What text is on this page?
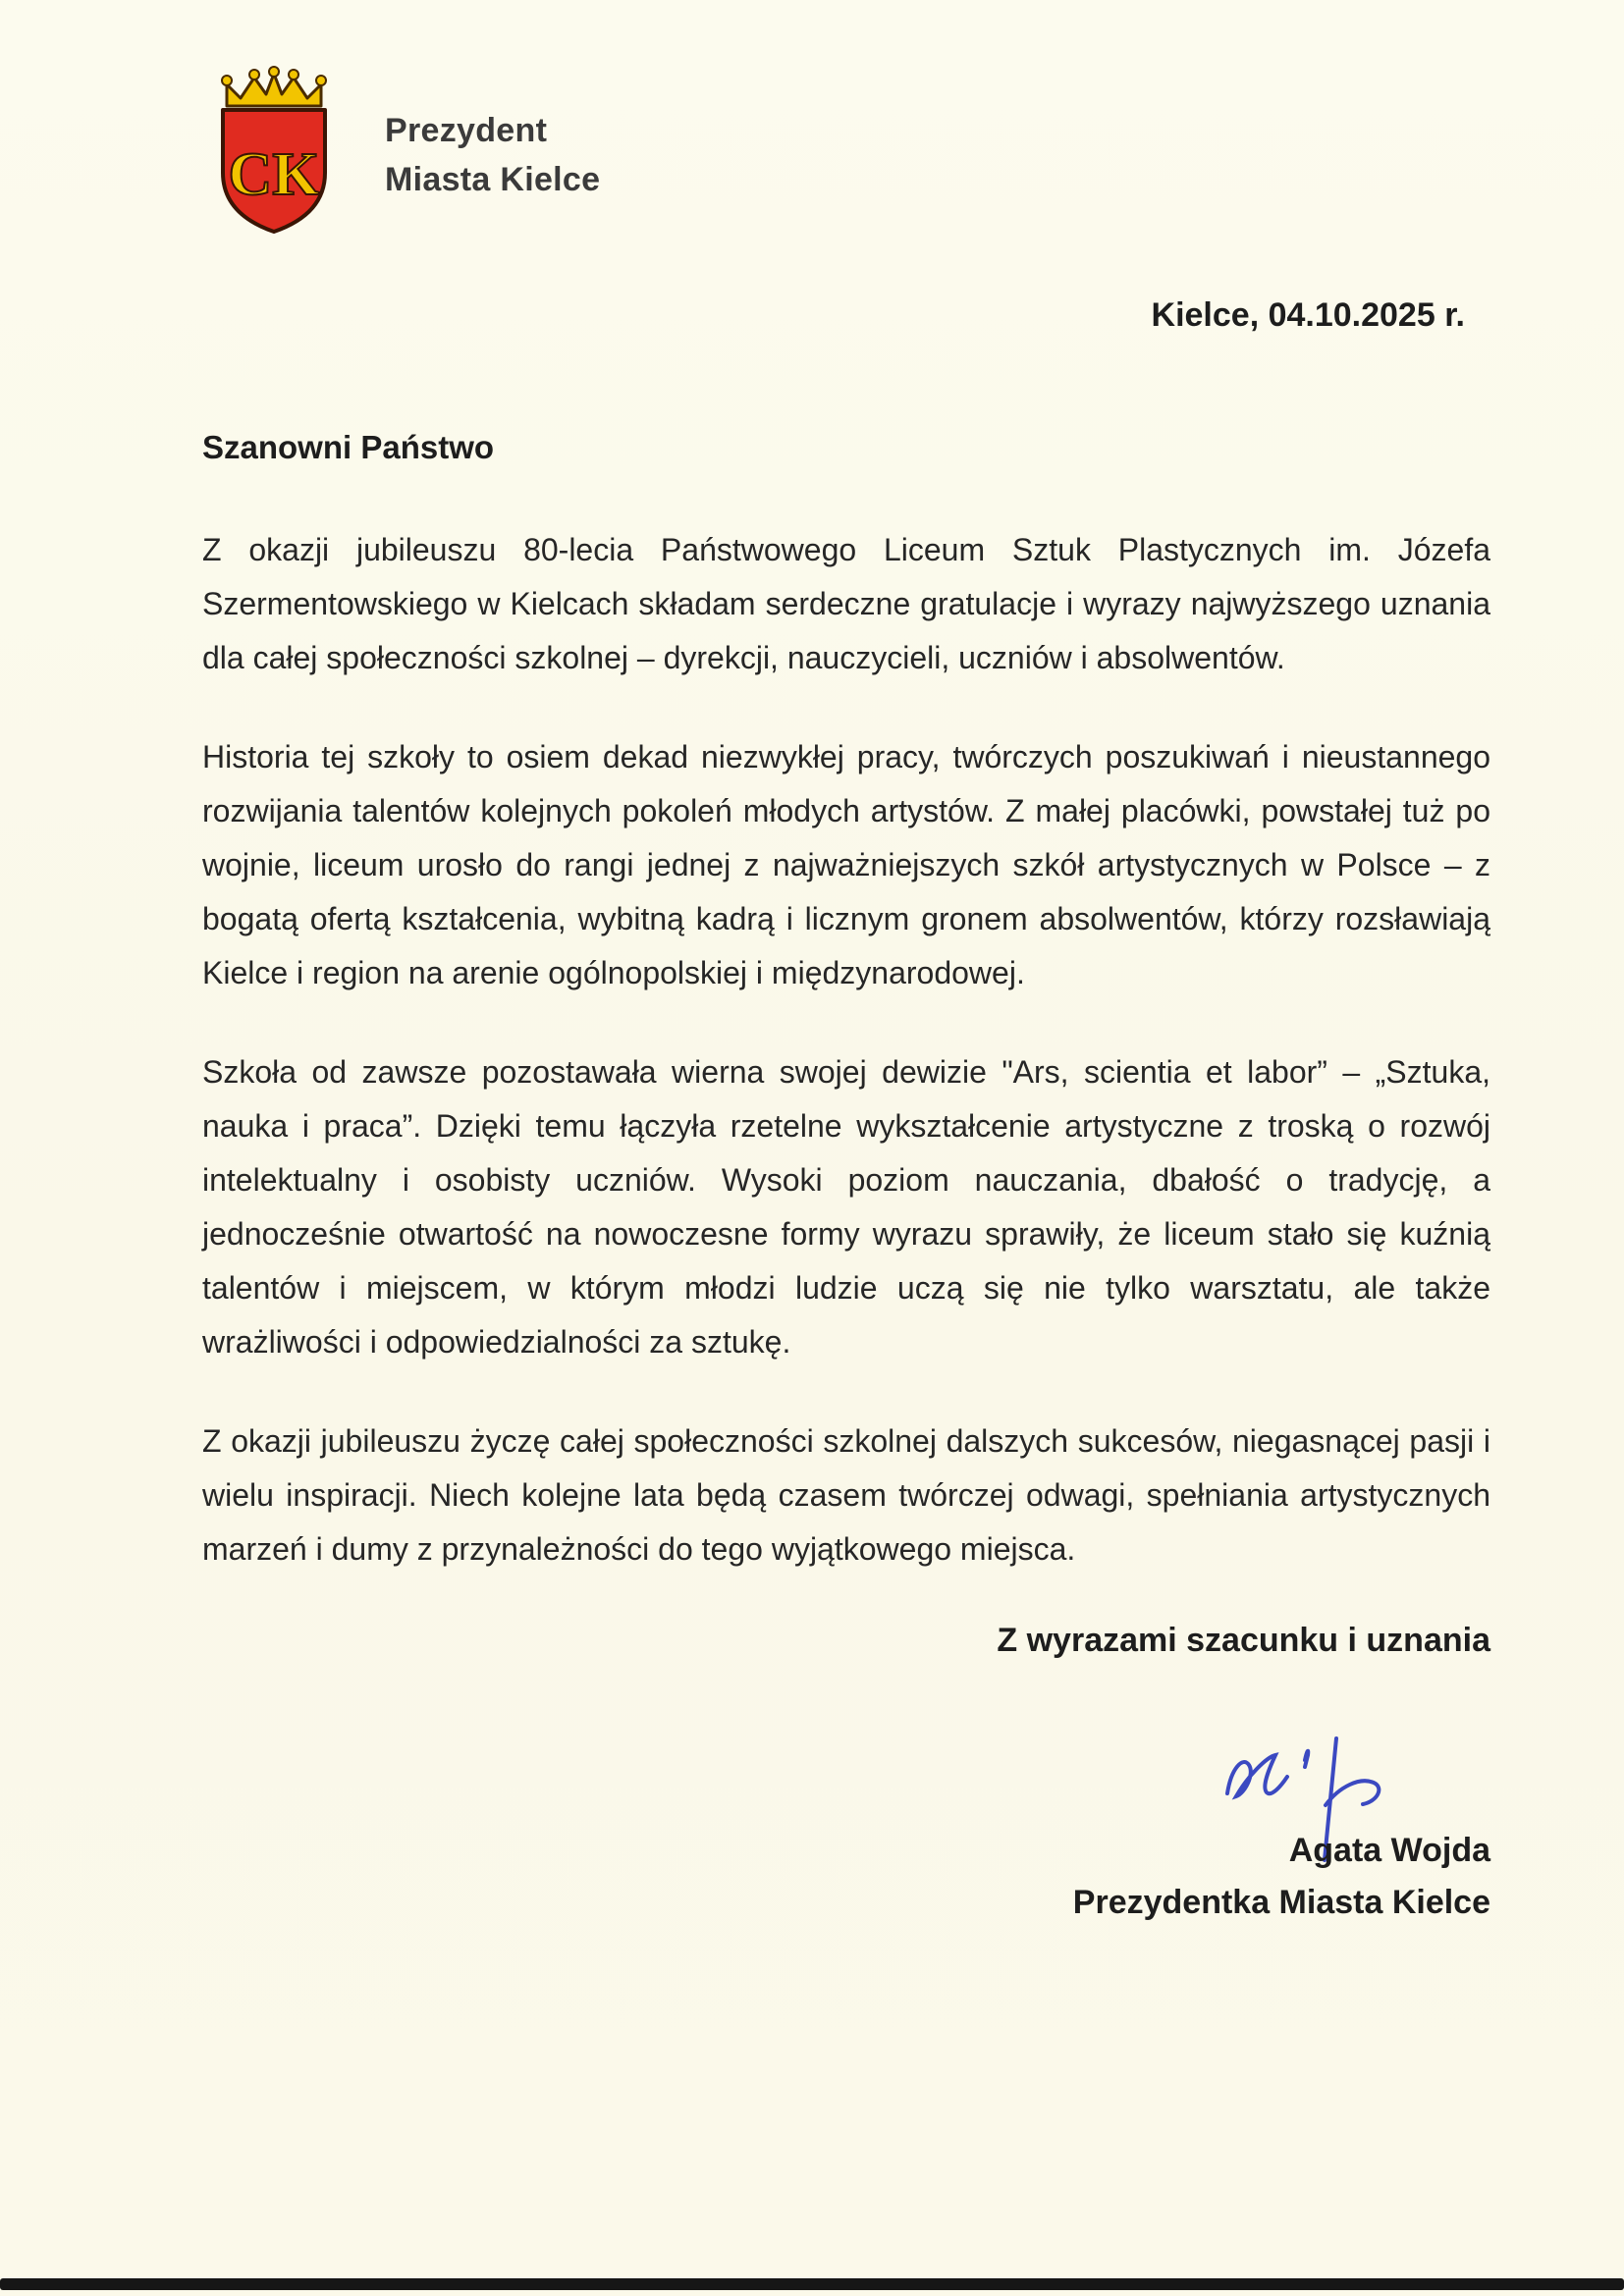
CK
Prezydent
Miasta Kielce
Kielce, 04.10.2025 r.
Szanowni Państwo

Z okazji jubileuszu 80-lecia Państwowego Liceum Sztuk Plastycznych im. Józefa Szermentowskiego w Kielcach składam serdeczne gratulacje i wyrazy najwyższego uznania dla całej społeczności szkolnej – dyrekcji, nauczycieli, uczniów i absolwentów.

Historia tej szkoły to osiem dekad niezwykłej pracy, twórczych poszukiwań i nieustannego rozwijania talentów kolejnych pokoleń młodych artystów. Z małej placówki, powstałej tuż po wojnie, liceum urosło do rangi jednej z najważniejszych szkół artystycznych w Polsce – z bogatą ofertą kształcenia, wybitną kadrą i licznym gronem absolwentów, którzy rozsławiają Kielce i region na arenie ogólnopolskiej i międzynarodowej.

Szkoła od zawsze pozostawała wierna swojej dewizie "Ars, scientia et labor” – „Sztuka, nauka i praca”. Dzięki temu łączyła rzetelne wykształcenie artystyczne z troską o rozwój intelektualny i osobisty uczniów. Wysoki poziom nauczania, dbałość o tradycję, a jednocześnie otwartość na nowoczesne formy wyrazu sprawiły, że liceum stało się kuźnią talentów i miejscem, w którym młodzi ludzie uczą się nie tylko warsztatu, ale także wrażliwości i odpowiedzialności za sztukę.

Z okazji jubileuszu życzę całej społeczności szkolnej dalszych sukcesów, niegasnącej pasji i wielu inspiracji. Niech kolejne lata będą czasem twórczej odwagi, spełniania artystycznych marzeń i dumy z przynależności do tego wyjątkowego miejsca.

Z wyrazami szacunku i uznania
Agata Wojda
Prezydentka Miasta Kielce
